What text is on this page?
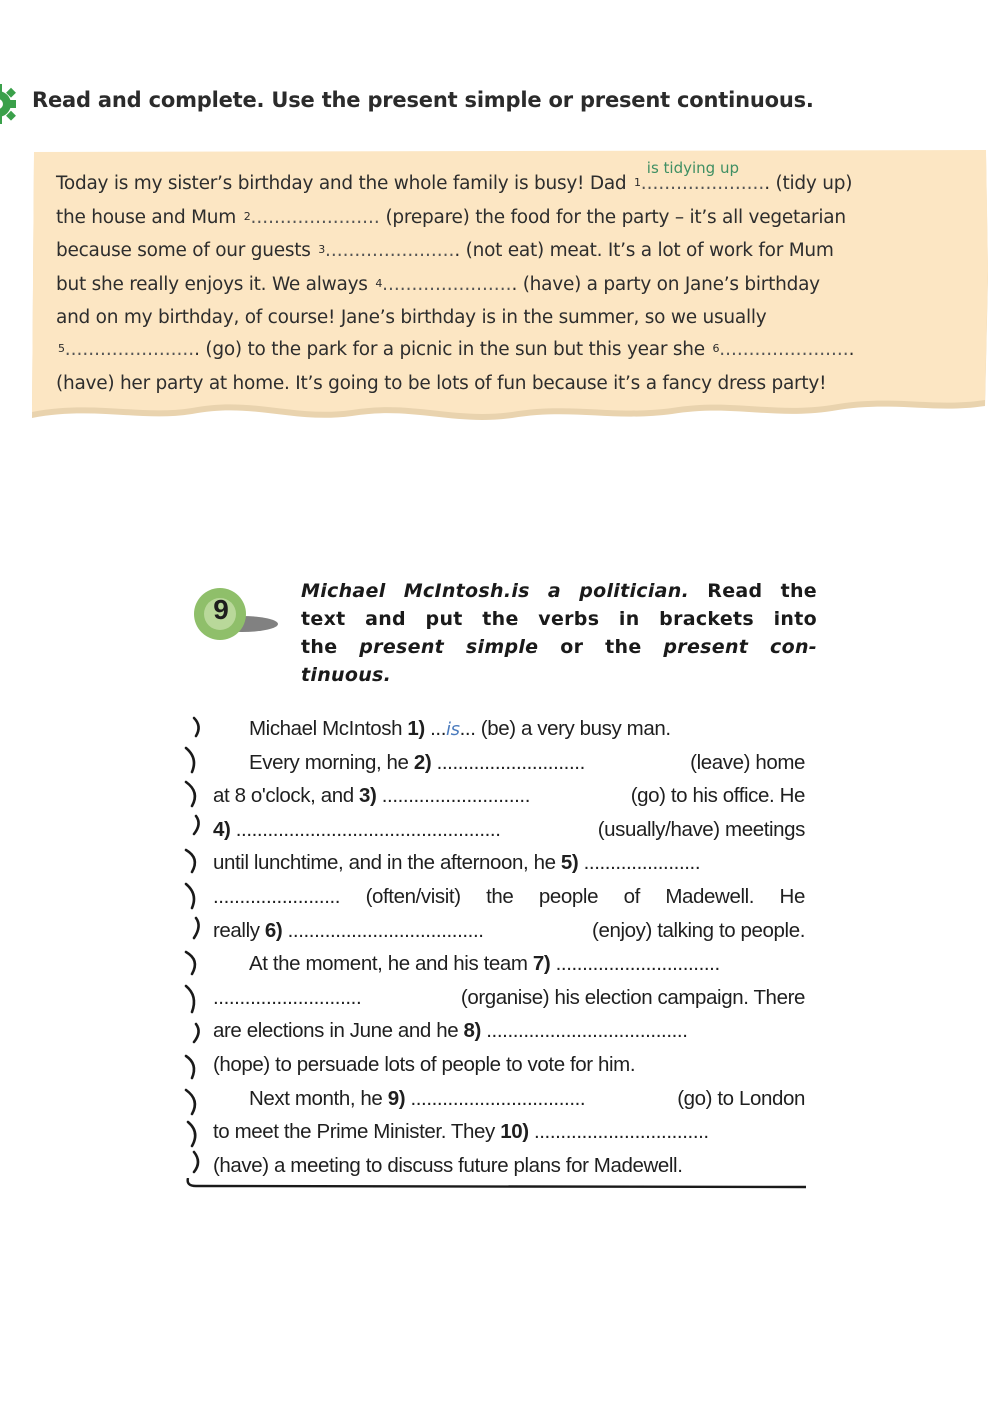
Read and complete. Use the present simple or present continuous.
Today is my sister’s birthday and the whole family is busy! Dad $^1$.....................
is tidying up
. (tidy up)
the house and Mum $^2$...................... (prepare) the food for the party – it’s all vegetarian
because some of our guests $^3$....................... (not eat) meat. It’s a lot of work for Mum
but she really enjoys it. We always $^4$....................... (have) a party on Jane’s birthday
and on my birthday, of course! Jane’s birthday is in the summer, so we usually
$^5$....................... (go) to the park for a picnic in the sun but this year she $^6$.......................
(have) her party at home. It’s going to be lots of fun because it’s a fancy dress party!
9

Michael McIntosh.is a politician. Read the
text and put the verbs in brackets into
the present simple or the present con-
tinuous.

Michael McIntosh 1) ...is... (be) a very busy man.
Every morning, he 2) ............................	(leave) home
at 8 o'clock, and 3) ............................	(go) to his office. He
4) ..................................................	(usually/have) meetings
until lunchtime, and in the afternoon, he 5) ......................
........................ (often/visit) the people of Madewell. He
really 6) .....................................	(enjoy) talking to people.
At the moment, he and his team 7) ...............................
............................	(organise) his election campaign. There
are elections in June and he 8) ......................................
(hope) to persuade lots of people to vote for him.
Next month, he 9) .................................	(go) to London
to meet the Prime Minister. They 10) .................................
(have) a meeting to discuss future plans for Madewell.
